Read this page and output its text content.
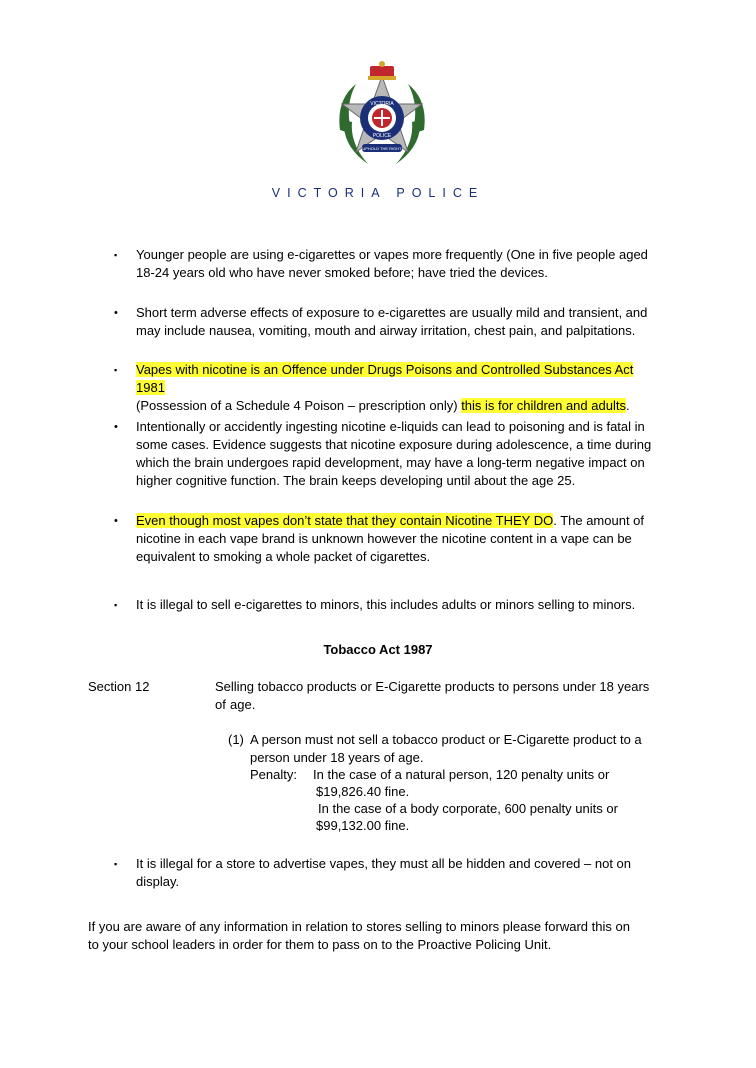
VICTORIA
POLICE
UPHOLD THE RIGHT
VICTORIA POLICE
▪ Younger people are using e-cigarettes or vapes more frequently (One in five people aged 18-24 years old who have never smoked before; have tried the devices.
• Short term adverse effects of exposure to e-cigarettes are usually mild and transient, and may include nausea, vomiting, mouth and airway irritation, chest pain, and palpitations.
▪ Vapes with nicotine is an Offence under Drugs Poisons and Controlled Substances Act 1981
(Possession of a Schedule 4 Poison – prescription only) this is for children and adults.
• Intentionally or accidently ingesting nicotine e-liquids can lead to poisoning and is fatal in some cases. Evidence suggests that nicotine exposure during adolescence, a time during which the brain undergoes rapid development, may have a long-term negative impact on higher cognitive function. The brain keeps developing until about the age 25.
• Even though most vapes don’t state that they contain Nicotine THEY DO. The amount of nicotine in each vape brand is unknown however the nicotine content in a vape can be equivalent to smoking a whole packet of cigarettes.
▪ It is illegal to sell e-cigarettes to minors, this includes adults or minors selling to minors.
Tobacco Act 1987
Section 12	Selling tobacco products or E-Cigarette products to persons under 18 years of age.
(1) A person must not sell a tobacco product or E-Cigarette product to a
person under 18 years of age.
Penalty: In the case of a natural person, 120 penalty units or
$19,826.40 fine.
In the case of a body corporate, 600 penalty units or
$99,132.00 fine.
▪ It is illegal for a store to advertise vapes, they must all be hidden and covered – not on display.
If you are aware of any information in relation to stores selling to minors please forward this on
to your school leaders in order for them to pass on to the Proactive Policing Unit.
